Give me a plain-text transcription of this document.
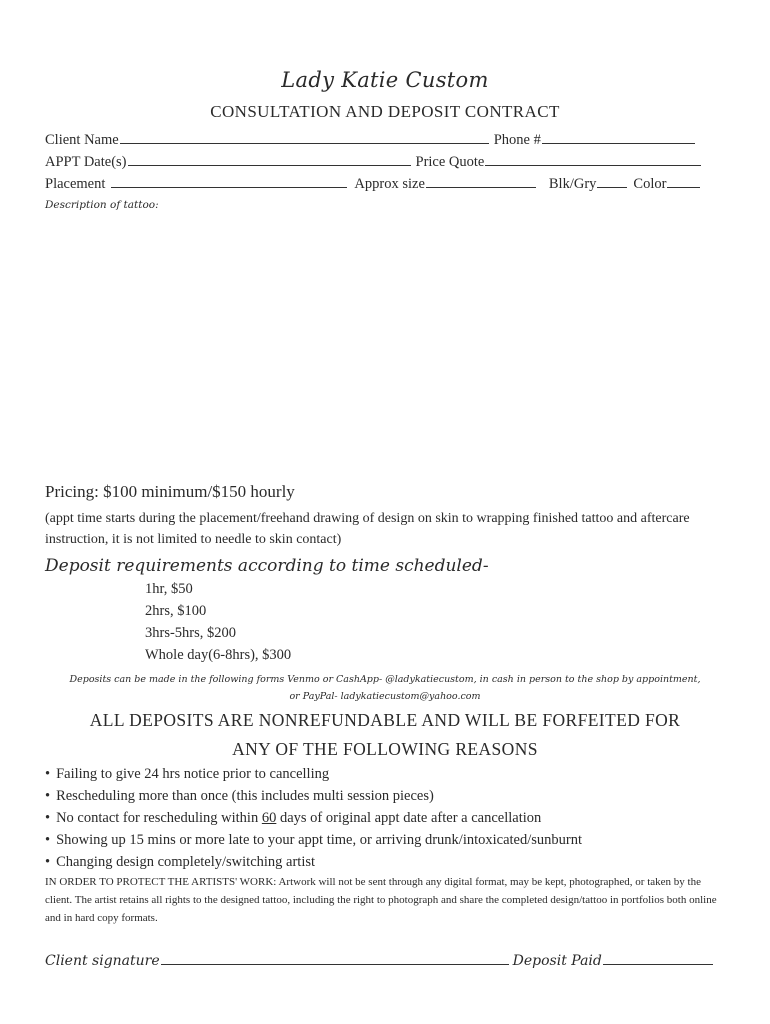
Lady Katie Custom
CONSULTATION AND DEPOSIT CONTRACT
Client Name	Phone #
APPT Date(s)	Price Quote
Placement	Approx size	Blk/Gry	Color
Description of tattoo:
Pricing: $100 minimum/$150 hourly
(appt time starts during the placement/freehand drawing of design on skin to wrapping finished tattoo and aftercare instruction, it is not limited to needle to skin contact)
Deposit requirements according to time scheduled-
1hr, $50
2hrs, $100
3hrs-5hrs, $200
Whole day(6-8hrs), $300
Deposits can be made in the following forms Venmo or CashApp- @ladykatiecustom, in cash in person to the shop by appointment,
or PayPal- ladykatiecustom@yahoo.com
ALL DEPOSITS ARE NONREFUNDABLE AND WILL BE FORFEITED FOR
ANY OF THE FOLLOWING REASONS
• Failing to give 24 hrs notice prior to cancelling
• Rescheduling more than once (this includes multi session pieces)
• No contact for rescheduling within 60 days of original appt date after a cancellation
• Showing up 15 mins or more late to your appt time, or arriving drunk/intoxicated/sunburnt
• Changing design completely/switching artist
IN ORDER TO PROTECT THE ARTISTS' WORK: Artwork will not be sent through any digital format, may be kept, photographed, or taken by the client. The artist retains all rights to the designed tattoo, including the right to photograph and share the completed design/tattoo in portfolios both online and in hard copy formats.
Client signature	Deposit Paid
